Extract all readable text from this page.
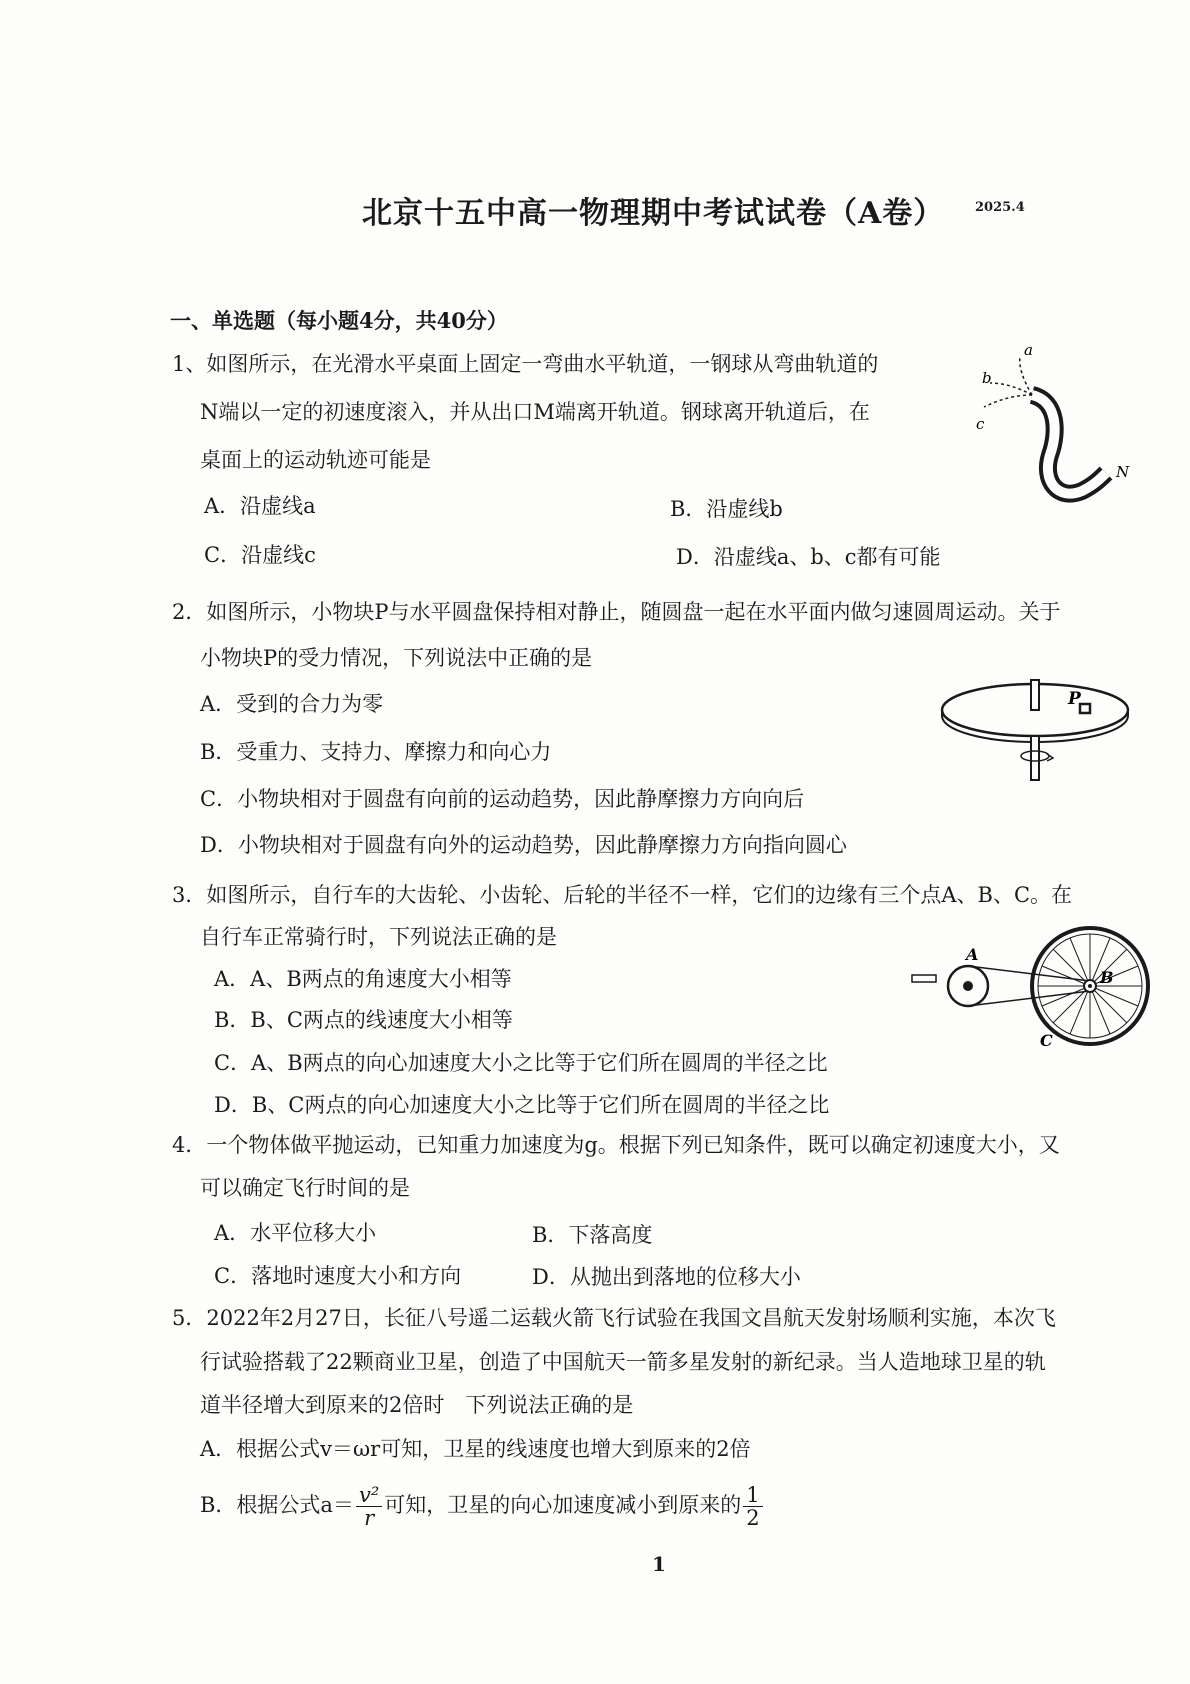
北京十五中高一物理期中考试试卷（A卷） 2025.4
一、单选题（每小题4分，共40分）
1、如图所示，在光滑水平桌面上固定一弯曲水平轨道，一钢球从弯曲轨道的
N端以一定的初速度滚入，并从出口M端离开轨道。钢球离开轨道后，在
桌面上的运动轨迹可能是
A．沿虚线a	B．沿虚线b
C．沿虚线c	D．沿虚线a、b、c都有可能
a
b
c
N
2．如图所示，小物块P与水平圆盘保持相对静止，随圆盘一起在水平面内做匀速圆周运动。关于
小物块P的受力情况，下列说法中正确的是
A．受到的合力为零
B．受重力、支持力、摩擦力和向心力
C．小物块相对于圆盘有向前的运动趋势，因此静摩擦力方向向后
D．小物块相对于圆盘有向外的运动趋势，因此静摩擦力方向指向圆心
P
3．如图所示，自行车的大齿轮、小齿轮、后轮的半径不一样，它们的边缘有三个点A、B、C。在
自行车正常骑行时，下列说法正确的是
A．A、B两点的角速度大小相等
B．B、C两点的线速度大小相等
C．A、B两点的向心加速度大小之比等于它们所在圆周的半径之比
D．B、C两点的向心加速度大小之比等于它们所在圆周的半径之比
A
B
C
4．一个物体做平抛运动，已知重力加速度为g。根据下列已知条件，既可以确定初速度大小，又
可以确定飞行时间的是
A．水平位移大小	B．下落高度
C．落地时速度大小和方向	D．从抛出到落地的位移大小
5．2022年2月27日，长征八号遥二运载火箭飞行试验在我国文昌航天发射场顺利实施，本次飞
行试验搭载了22颗商业卫星，创造了中国航天一箭多星发射的新纪录。当人造地球卫星的轨
道半径增大到原来的2倍时　下列说法正确的是
A．根据公式v＝ωr可知，卫星的线速度也增大到原来的2倍
B．根据公式$a= \frac{\text{v²}}{r}$ 可知，卫星的向心加速度减小到原来的 $\frac{1}{2}$
1
